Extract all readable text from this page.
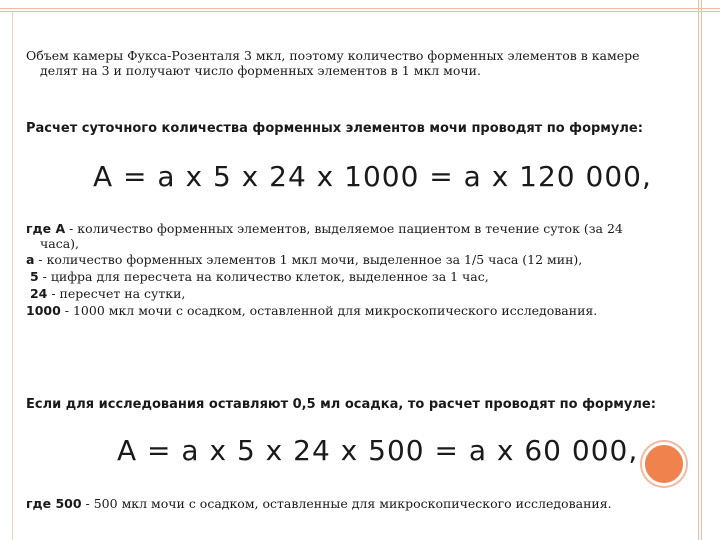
Объем камеры Фукса-Розенталя 3 мкл, поэтому количество форменных элементов в камере
делят на 3 и получают число форменных элементов в 1 мкл мочи.
Расчет суточного количества форменных элементов мочи проводят по формуле:
А = а х 5 х 24 х 1000 = а х 120 000,
где А - количество форменных элементов, выделяемое пациентом в течение суток (за 24
часа),
а - количество форменных элементов 1 мкл мочи, выделенное за 1/5 часа (12 мин),
5 - цифра для пересчета на количество клеток, выделенное за 1 час,
24 - пересчет на сутки,
1000 - 1000 мкл мочи с осадком, оставленной для микроскопического исследования.
Если для исследования оставляют 0,5 мл осадка, то расчет проводят по формуле:
А = а х 5 х 24 х 500 = а х 60 000,
где 500 - 500 мкл мочи с осадком, оставленные для микроскопического исследования.
